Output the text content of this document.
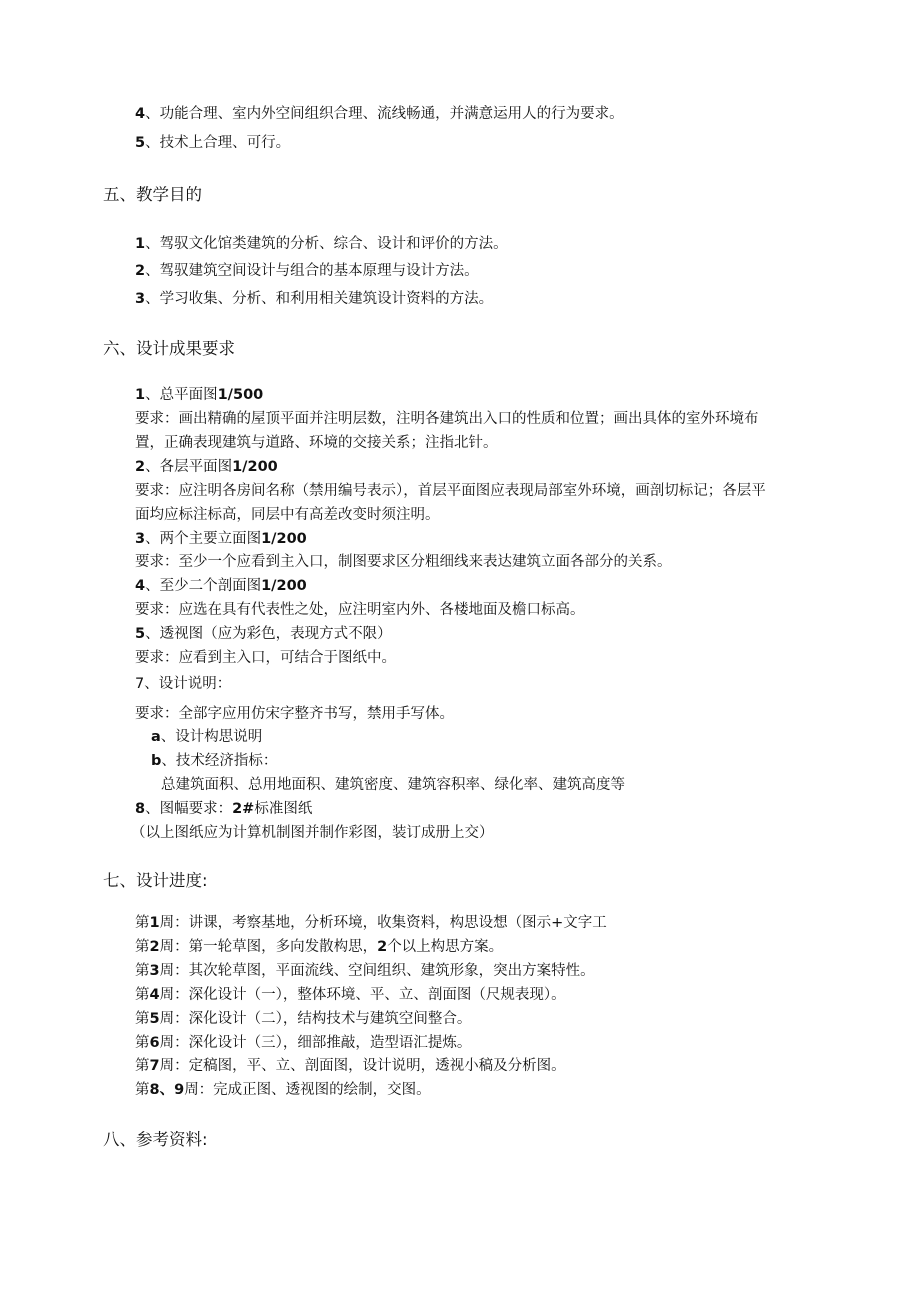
4、功能合理、室内外空间组织合理、流线畅通，并满意运用人的行为要求。
5、技术上合理、可行。
五、教学目的
1、驾驭文化馆类建筑的分析、综合、设计和评价的方法。
2、驾驭建筑空间设计与组合的基本原理与设计方法。
3、学习收集、分析、和利用相关建筑设计资料的方法。
六、设计成果要求
1、总平面图1/500
要求：画出精确的屋顶平面并注明层数，注明各建筑出入口的性质和位置；画出具体的室外环境布
置，正确表现建筑与道路、环境的交接关系；注指北针。
2、各层平面图1/200
要求：应注明各房间名称（禁用编号表示），首层平面图应表现局部室外环境，画剖切标记；各层平
面均应标注标高，同层中有高差改变时须注明。
3、两个主要立面图1/200
要求：至少一个应看到主入口，制图要求区分粗细线来表达建筑立面各部分的关系。
4、至少二个剖面图1/200
要求：应选在具有代表性之处，应注明室内外、各楼地面及檐口标高。
5、透视图（应为彩色，表现方式不限）
要求：应看到主入口，可结合于图纸中。
7、设计说明：
要求：全部字应用仿宋字整齐书写，禁用手写体。
a、设计构思说明
b、技术经济指标：
总建筑面积、总用地面积、建筑密度、建筑容积率、绿化率、建筑高度等
8、图幅要求：2#标准图纸
（以上图纸应为计算机制图并制作彩图，装订成册上交）
七、设计进度:
第1周：讲课，考察基地，分析环境，收集资料，构思设想（图示+文字工
第2周：第一轮草图，多向发散构思，2个以上构思方案。
第3周：其次轮草图，平面流线、空间组织、建筑形象，突出方案特性。
第4周：深化设计（一），整体环境、平、立、剖面图（尺规表现）。
第5周：深化设计（二），结构技术与建筑空间整合。
第6周：深化设计（三），细部推敲，造型语汇提炼。
第7周：定稿图，平、立、剖面图，设计说明，透视小稿及分析图。
第8、9周：完成正图、透视图的绘制，交图。
八、参考资料:
